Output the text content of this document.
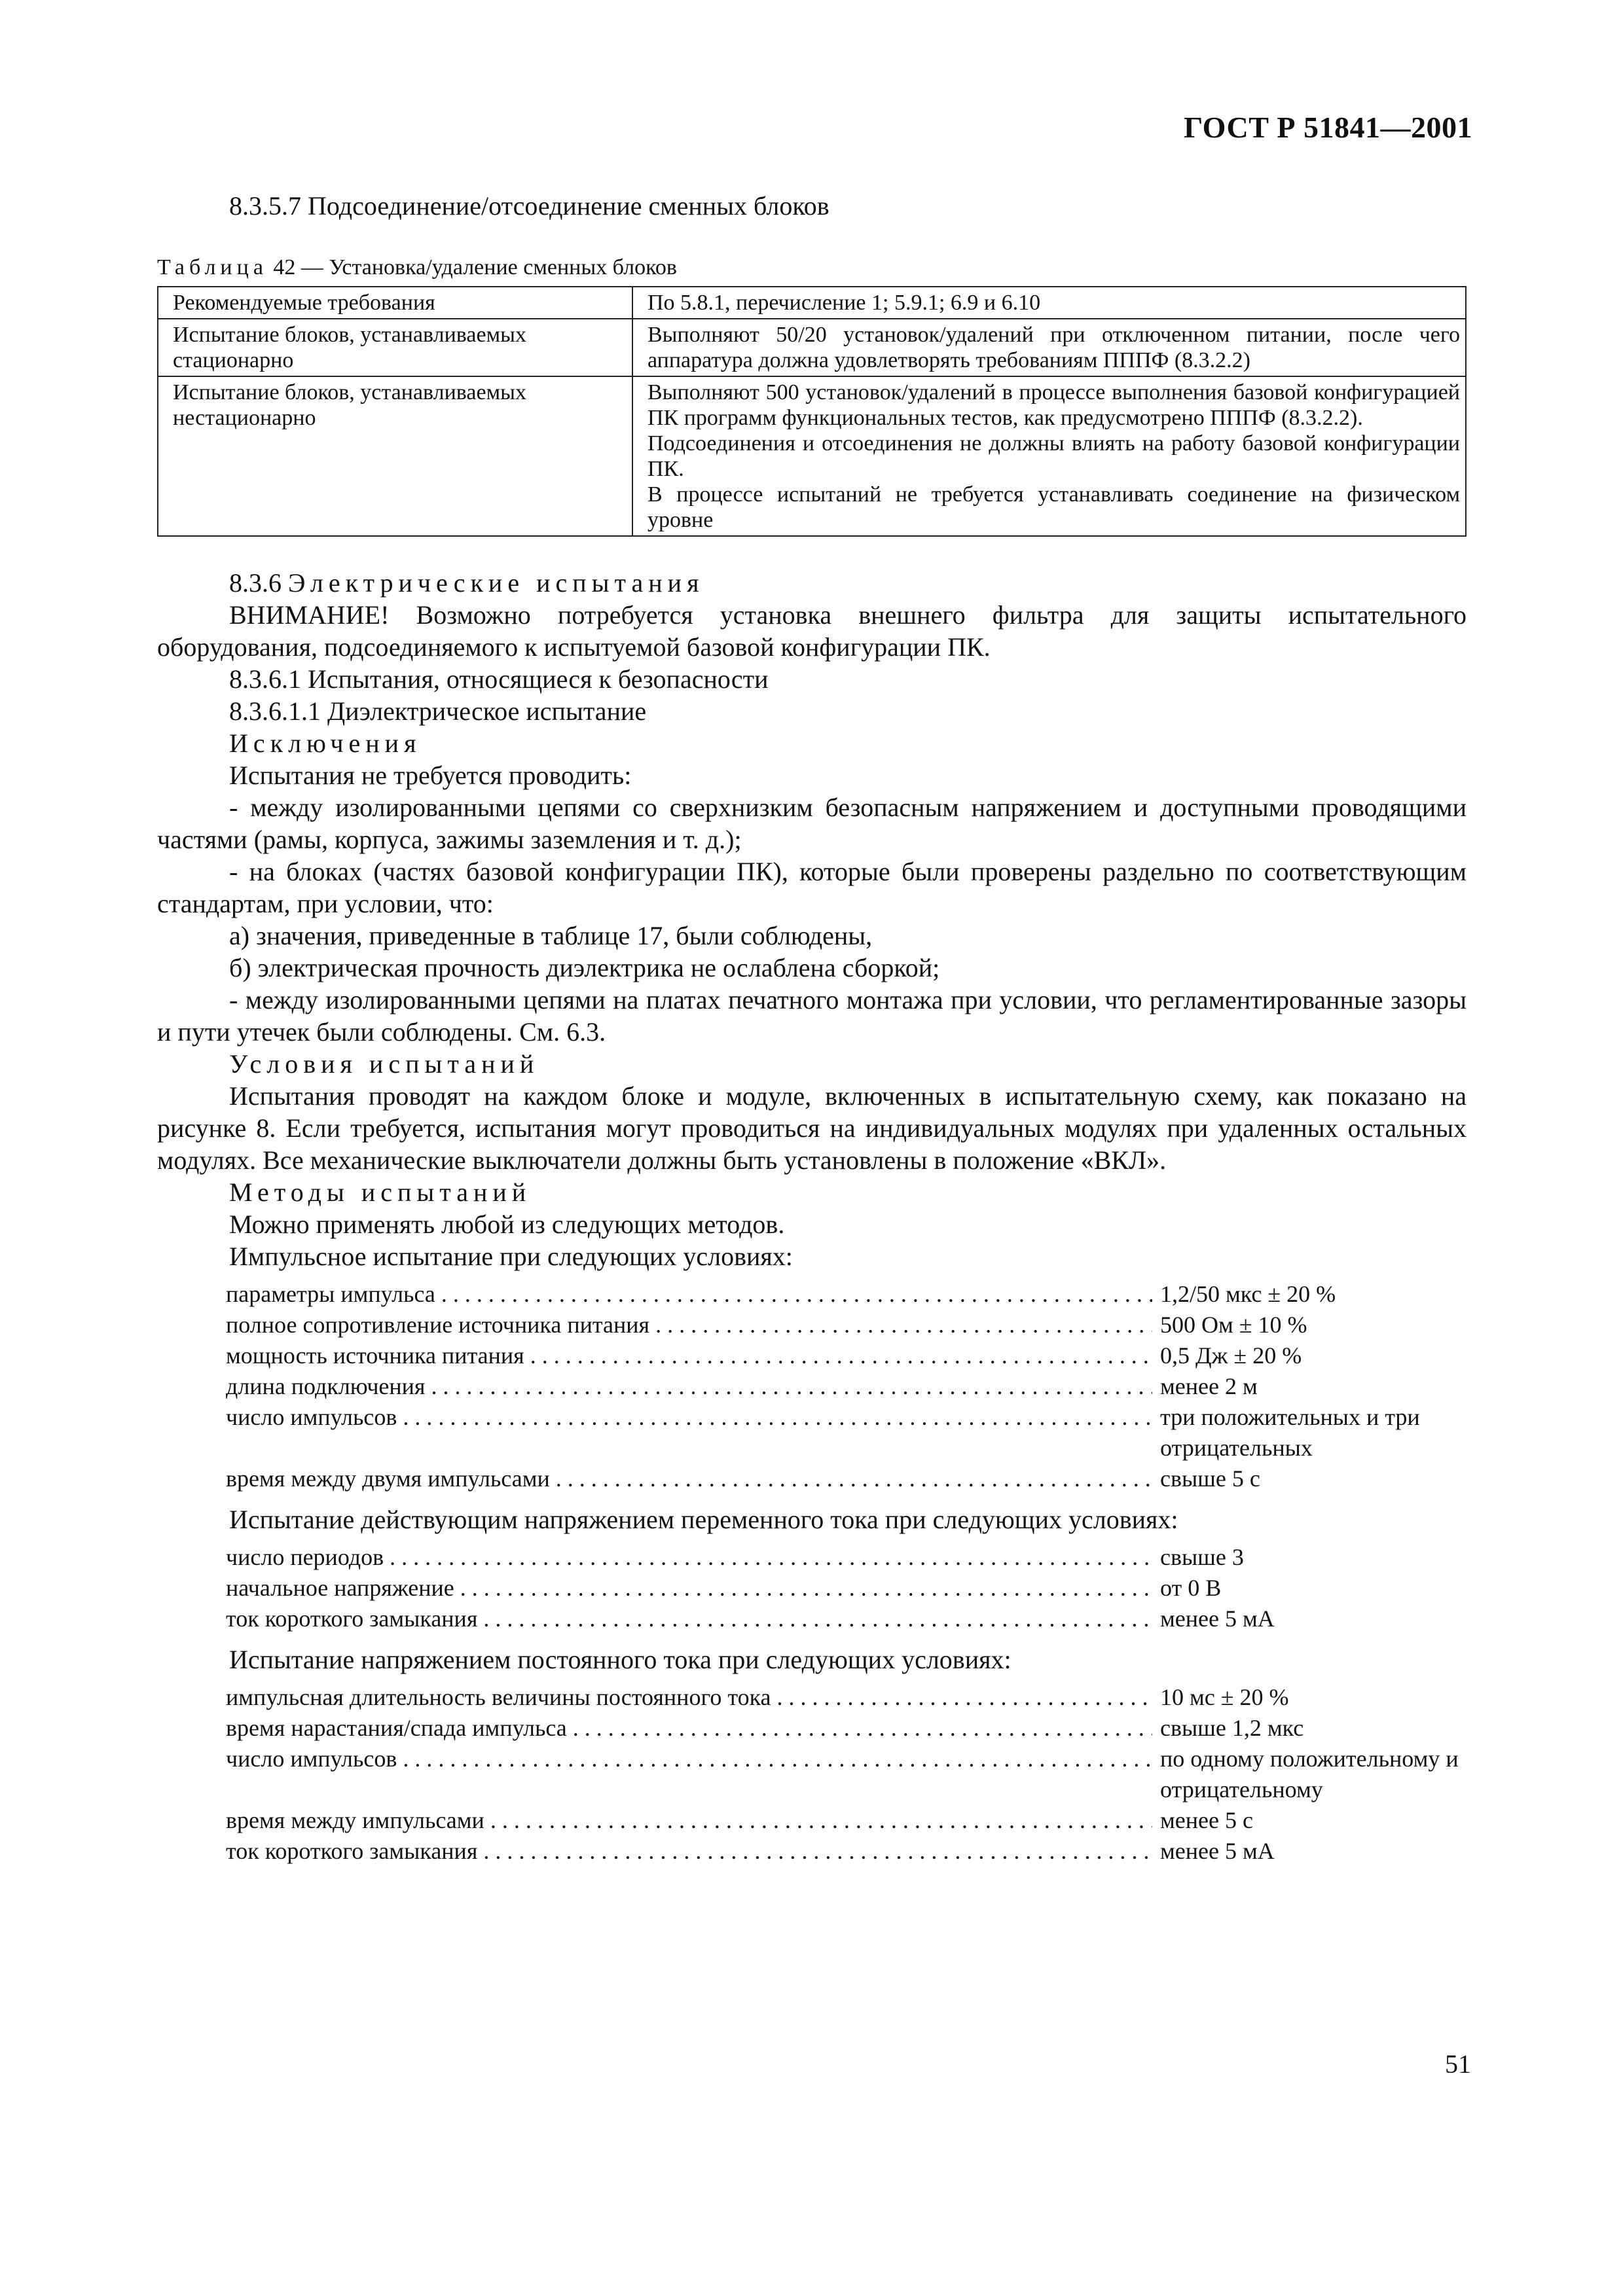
ГОСТ Р 51841—2001

8.3.5.7 Подсоединение/отсоединение сменных блоков

Таблица 42 — Установка/удаление сменных блоков

Рекомендуемые требования	По 5.8.1, перечисление 1; 5.9.1; 6.9 и 6.10

Испытание блоков, устанавливаемых стационарно	Выполняют 50/20 установок/удалений при отключенном питании, после чего аппаратура должна удовлетворять требованиям ПППФ (8.3.2.2)

Испытание блоков, устанавливаемых нестационарно	Выполняют 500 установок/удалений в процессе выполнения базовой конфигурацией ПК программ функциональных тестов, как предусмотрено ПППФ (8.3.2.2).
Подсоединения и отсоединения не должны влиять на работу базовой конфигурации ПК.
В процессе испытаний не требуется устанавливать соединение на физическом уровне

8.3.6 Электрические испытания

ВНИМАНИЕ! Возможно потребуется установка внешнего фильтра для защиты испытательного оборудования, подсоединяемого к испытуемой базовой конфигурации ПК.

8.3.6.1 Испытания, относящиеся к безопасности

8.3.6.1.1 Диэлектрическое испытание

Исключения

Испытания не требуется проводить:

- между изолированными цепями со сверхнизким безопасным напряжением и доступными проводящими частями (рамы, корпуса, зажимы заземления и т. д.);

- на блоках (частях базовой конфигурации ПК), которые были проверены раздельно по соответствующим стандартам, при условии, что:

а) значения, приведенные в таблице 17, были соблюдены,

б) электрическая прочность диэлектрика не ослаблена сборкой;

- между изолированными цепями на платах печатного монтажа при условии, что регламентированные зазоры и пути утечек были соблюдены. См. 6.3.

Условия испытаний

Испытания проводят на каждом блоке и модуле, включенных в испытательную схему, как показано на рисунке 8. Если требуется, испытания могут проводиться на индивидуальных модулях при удаленных остальных модулях. Все механические выключатели должны быть установлены в положение «ВКЛ».

Методы испытаний

Можно применять любой из следующих методов.

Импульсное испытание при следующих условиях:

параметры импульса . . .	1,2/50 мкс ± 20 %
полное сопротивление источника питания . . .	500 Ом ± 10 %
мощность источника питания . . .	0,5 Дж ± 20 %
длина подключения . . .	менее 2 м
число импульсов . . .	три положительных и три отрицательных
время между двумя импульсами . . .	свыше 5 с

Испытание действующим напряжением переменного тока при следующих условиях:

число периодов . . .	свыше 3
начальное напряжение . . .	от 0 В
ток короткого замыкания . . .	менее 5 мА

Испытание напряжением постоянного тока при следующих условиях:

импульсная длительность величины постоянного тока . . .	10 мс ± 20 %
время нарастания/спада импульса . . .	свыше 1,2 мкс
число импульсов . . .	по одному положительному и отрицательному
время между импульсами . . .	менее 5 с
ток короткого замыкания . . .	менее 5 мА
51
